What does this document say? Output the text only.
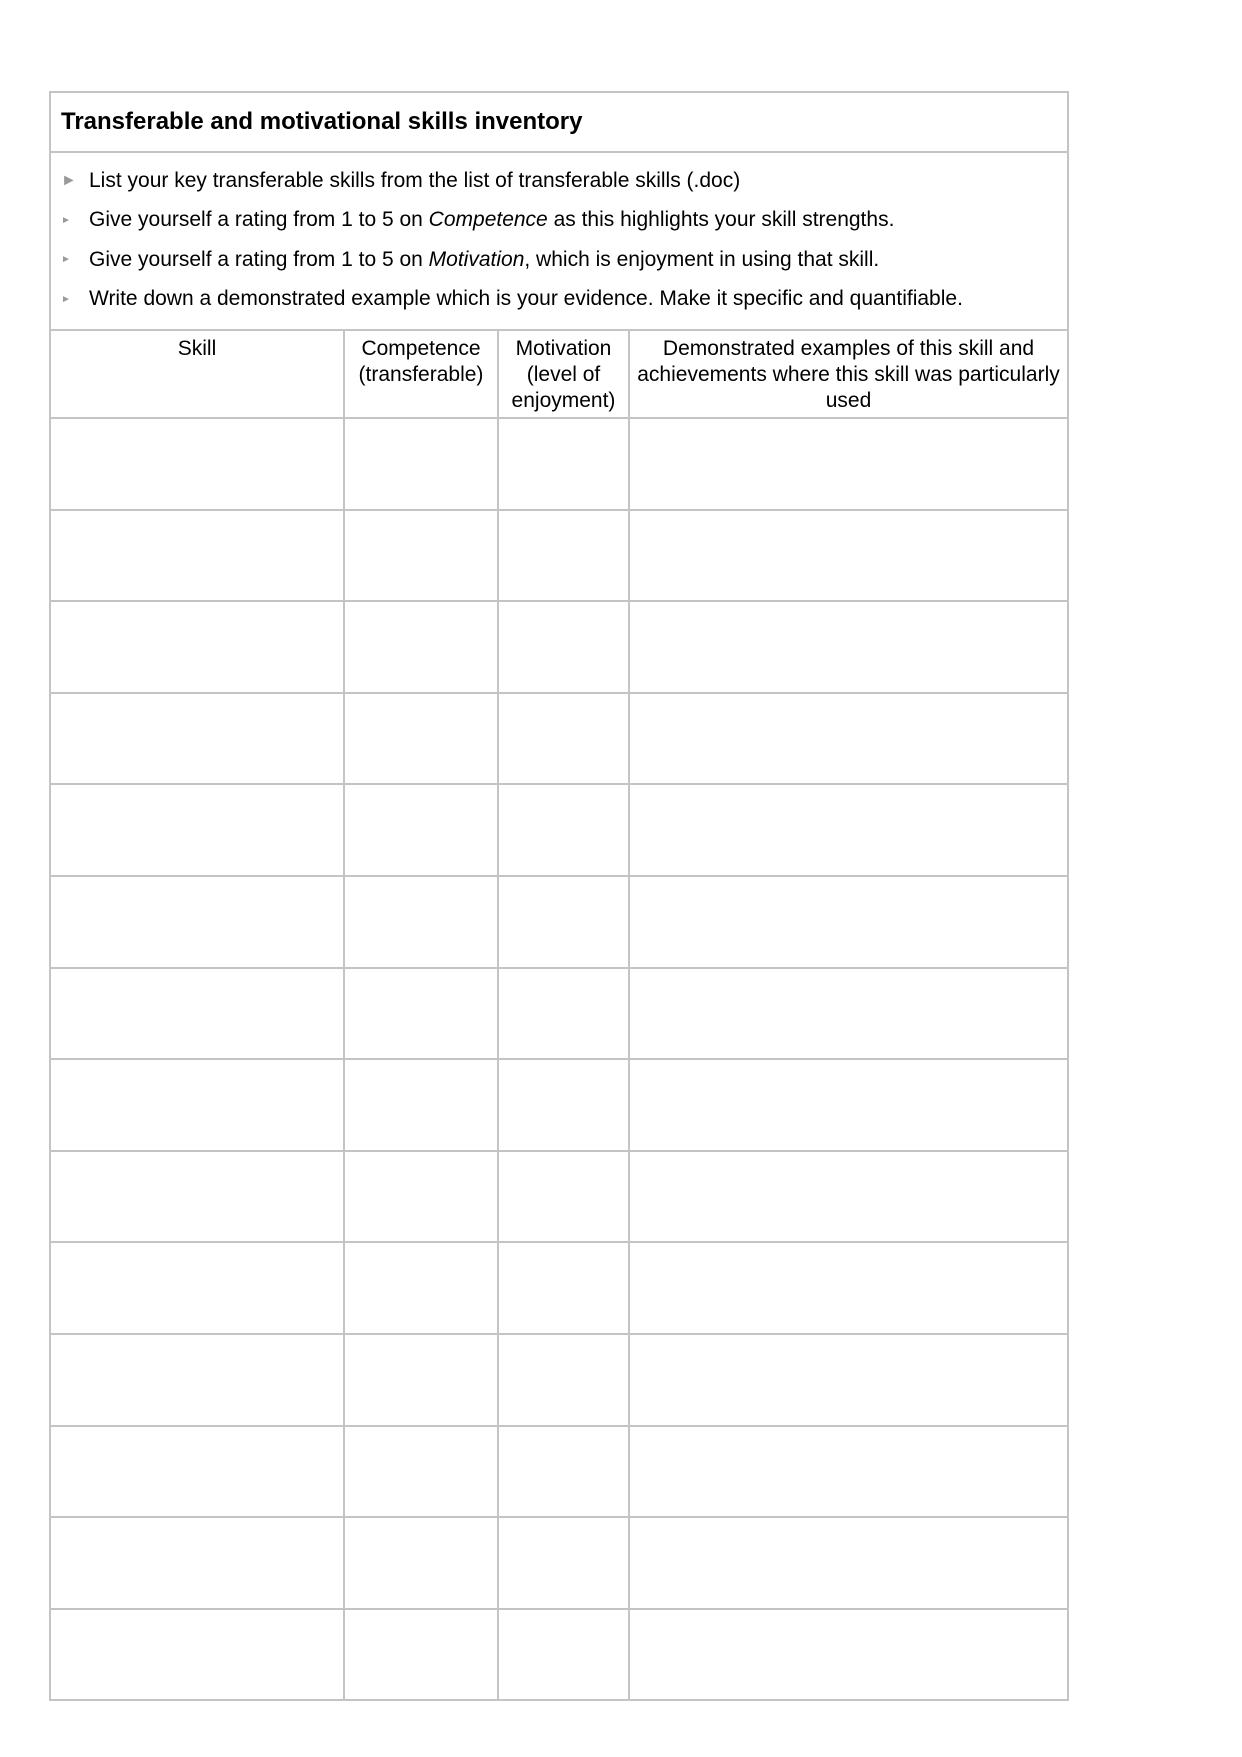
Transferable and motivational skills inventory
► List your key transferable skills from the list of transferable skills (.doc)
► Give yourself a rating from 1 to 5 on Competence as this highlights your skill strengths.
► Give yourself a rating from 1 to 5 on Motivation, which is enjoyment in using that skill.
► Write down a demonstrated example which is your evidence. Make it specific and quantifiable.
Skill	Competence (transferable)	Motivation (level of enjoyment)	Demonstrated examples of this skill and achievements where this skill was particularly used
